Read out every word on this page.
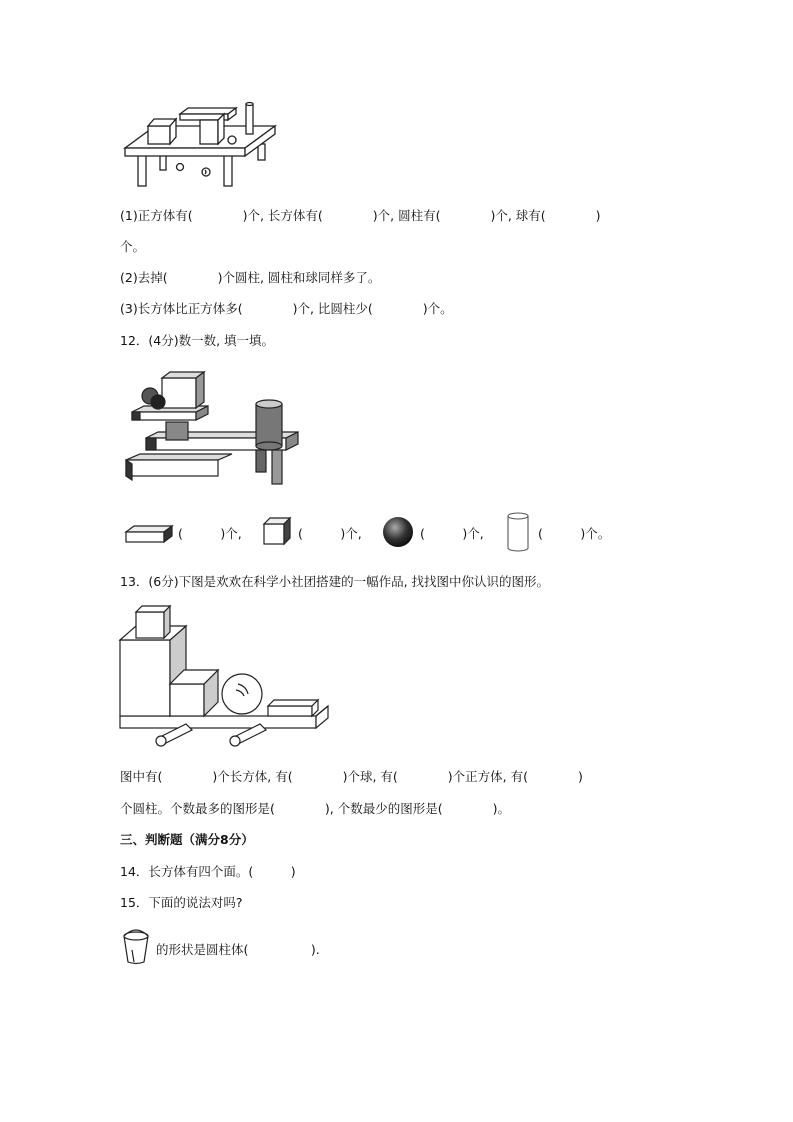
(1)正方体有(　　　　)个, 长方体有(　　　　)个, 圆柱有(　　　　)个, 球有(　　　　)
个。
(2)去掉(　　　　)个圆柱, 圆柱和球同样多了。
(3)长方体比正方体多(　　　　)个, 比圆柱少(　　　　)个。
12．(4分)数一数, 填一填。
(　　　)个,	(　　　)个,	(　　　)个,	(　　　)个。
13．(6分)下图是欢欢在科学小社团搭建的一幅作品, 找找图中你认识的图形。
图中有(　　　　)个长方体, 有(　　　　)个球, 有(　　　　)个正方体, 有(　　　　)
个圆柱。个数最多的图形是(　　　　), 个数最少的图形是(　　　　)。
三、判断题（满分8分）
14．长方体有四个面。(　　　)
15．下面的说法对吗?
的形状是圆柱体(　　　　　).
